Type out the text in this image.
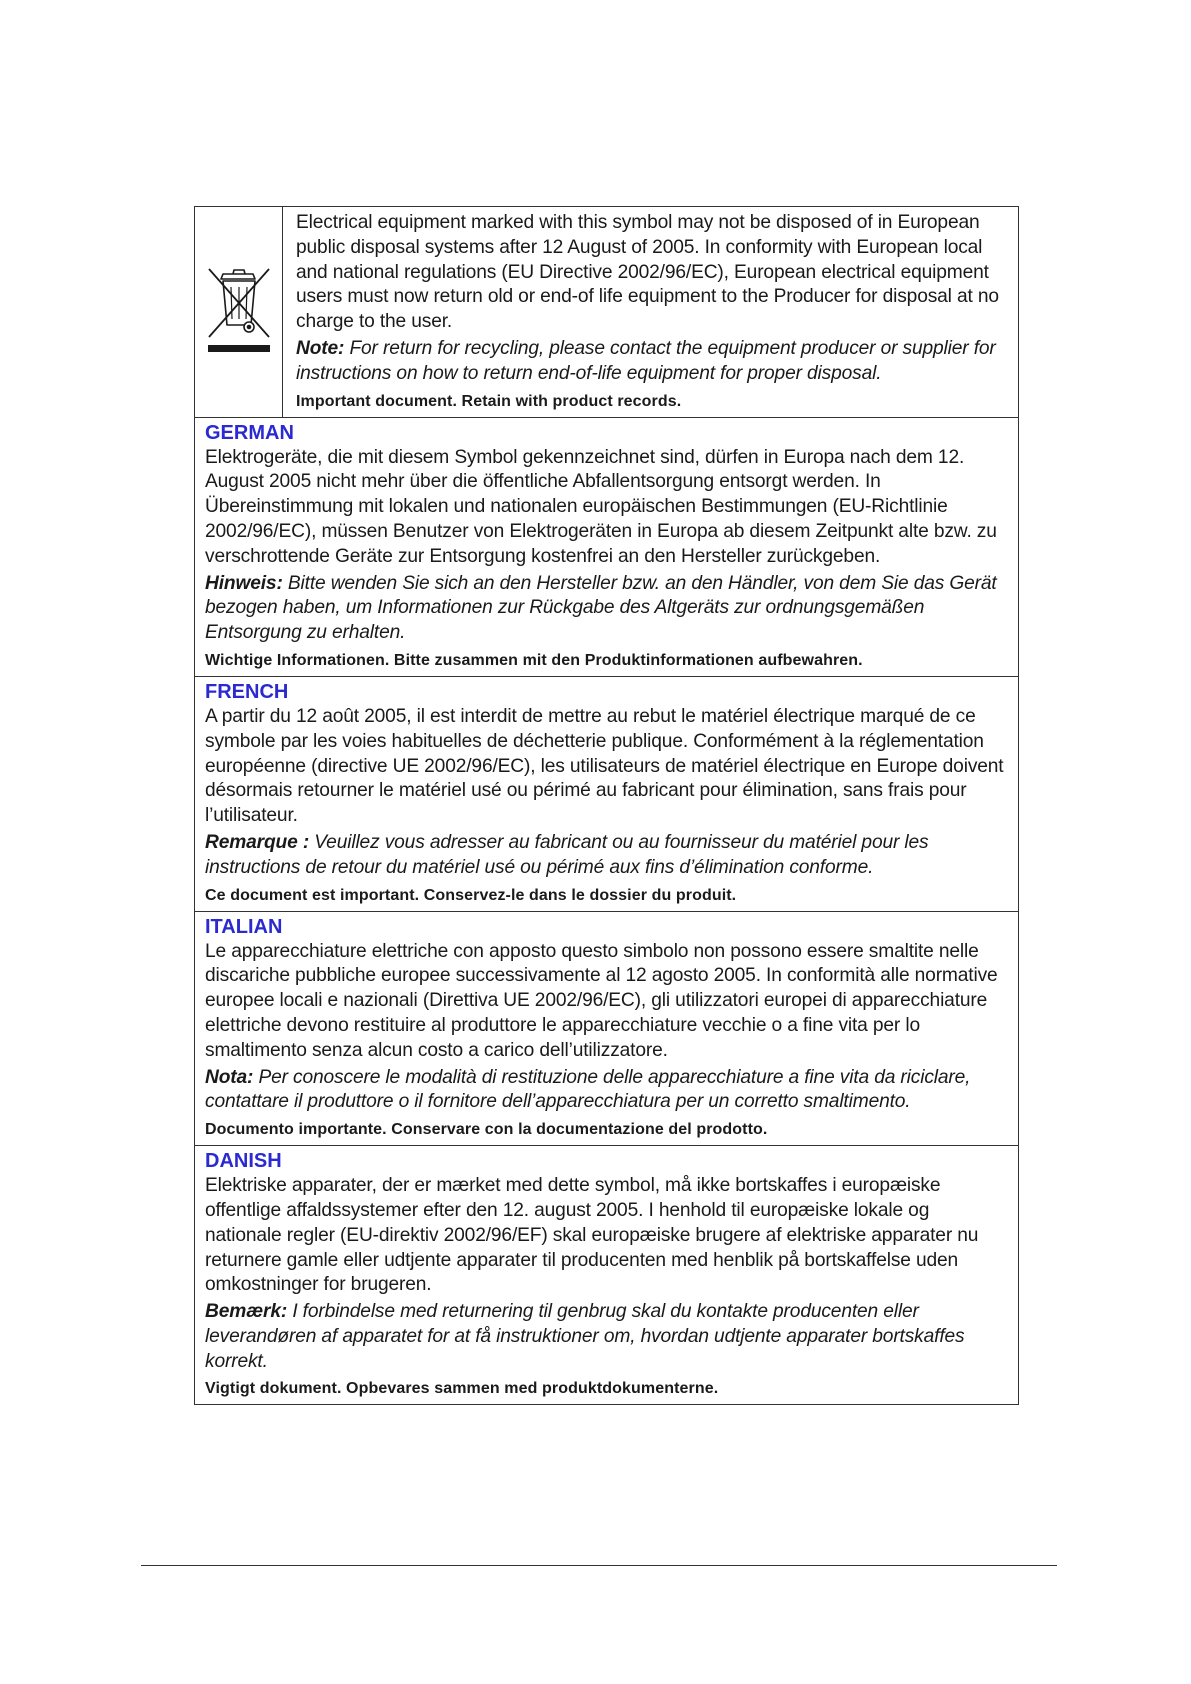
Electrical equipment marked with this symbol may not be disposed of in European public disposal systems after 12 August of 2005. In conformity with European local and national regulations (EU Directive 2002/96/EC), European electrical equipment users must now return old or end-of life equipment to the Producer for disposal at no charge to the user.

Note: For return for recycling, please contact the equipment producer or supplier for instructions on how to return end-of-life equipment for proper disposal.

Important document. Retain with product records.

GERMAN

Elektrogeräte, die mit diesem Symbol gekennzeichnet sind, dürfen in Europa nach dem 12. August 2005 nicht mehr über die öffentliche Abfallentsorgung entsorgt werden. In Übereinstimmung mit lokalen und nationalen europäischen Bestimmungen (EU-Richtlinie 2002/96/EC), müssen Benutzer von Elektrogeräten in Europa ab diesem Zeitpunkt alte bzw. zu verschrottende Geräte zur Entsorgung kostenfrei an den Hersteller zurückgeben.

Hinweis: Bitte wenden Sie sich an den Hersteller bzw. an den Händler, von dem Sie das Gerät bezogen haben, um Informationen zur Rückgabe des Altgeräts zur ordnungsgemäßen Entsorgung zu erhalten.

Wichtige Informationen. Bitte zusammen mit den Produktinformationen aufbewahren.

FRENCH

A partir du 12 août 2005, il est interdit de mettre au rebut le matériel électrique marqué de ce symbole par les voies habituelles de déchetterie publique. Conformément à la réglementation européenne (directive UE 2002/96/EC), les utilisateurs de matériel électrique en Europe doivent désormais retourner le matériel usé ou périmé au fabricant pour élimination, sans frais pour l’utilisateur.

Remarque : Veuillez vous adresser au fabricant ou au fournisseur du matériel pour les instructions de retour du matériel usé ou périmé aux fins d’élimination conforme.

Ce document est important. Conservez-le dans le dossier du produit.

ITALIAN

Le apparecchiature elettriche con apposto questo simbolo non possono essere smaltite nelle discariche pubbliche europee successivamente al 12 agosto 2005. In conformità alle normative europee locali e nazionali (Direttiva UE 2002/96/EC), gli utilizzatori europei di apparecchiature elettriche devono restituire al produttore le apparecchiature vecchie o a fine vita per lo smaltimento senza alcun costo a carico dell’utilizzatore.

Nota: Per conoscere le modalità di restituzione delle apparecchiature a fine vita da riciclare, contattare il produttore o il fornitore dell’apparecchiatura per un corretto smaltimento.

Documento importante. Conservare con la documentazione del prodotto.

DANISH

Elektriske apparater, der er mærket med dette symbol, må ikke bortskaffes i europæiske offentlige affaldssystemer efter den 12. august 2005. I henhold til europæiske lokale og nationale regler (EU-direktiv 2002/96/EF) skal europæiske brugere af elektriske apparater nu returnere gamle eller udtjente apparater til producenten med henblik på bortskaffelse uden omkostninger for brugeren.

Bemærk: I forbindelse med returnering til genbrug skal du kontakte producenten eller leverandøren af apparatet for at få instruktioner om, hvordan udtjente apparater bortskaffes korrekt.

Vigtigt dokument. Opbevares sammen med produktdokumenterne.
